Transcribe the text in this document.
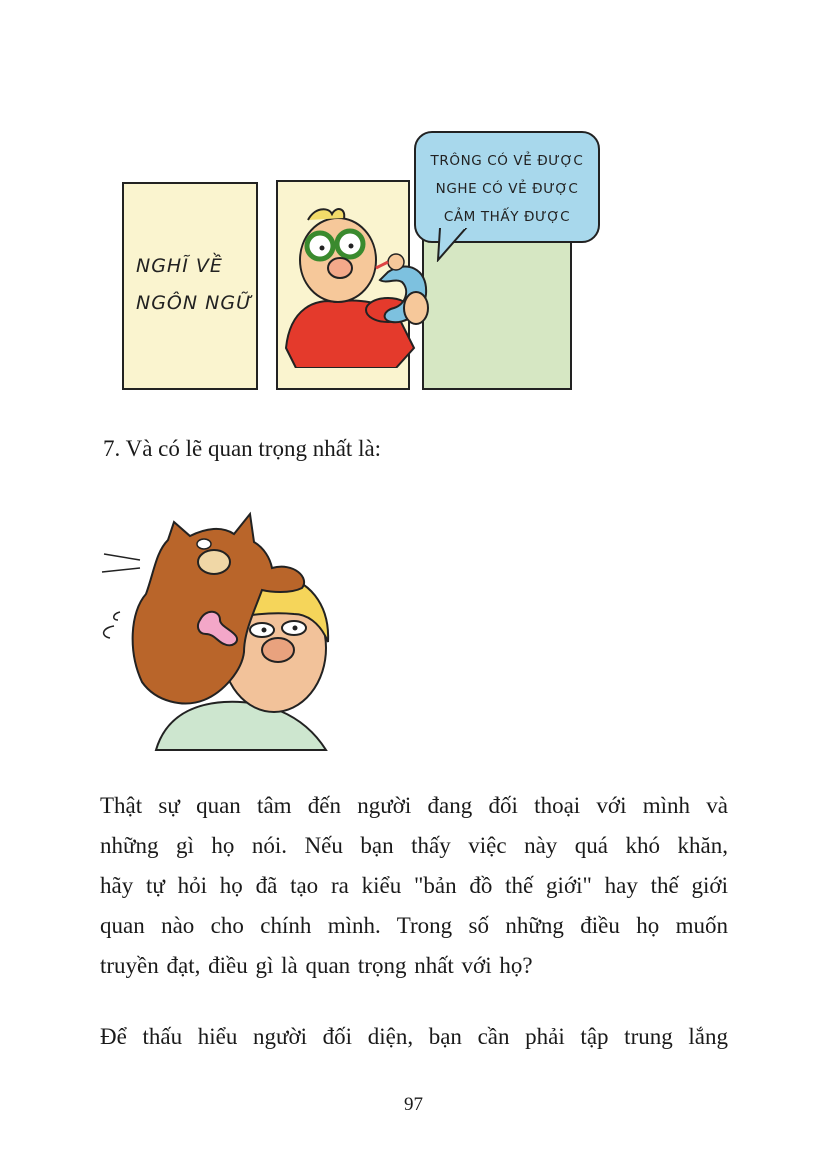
NGHĨ VỀ
NGÔN NGỮ
TRÔNG CÓ VẺ ĐƯỢC
NGHE CÓ VẺ ĐƯỢC
CẢM THẤY ĐƯỢC

7. Và có lẽ quan trọng nhất là:

Thật sự quan tâm đến người đang đối thoại với mình và
những gì họ nói. Nếu bạn thấy việc này quá khó khăn,
hãy tự hỏi họ đã tạo ra kiểu "bản đồ thế giới" hay thế giới
quan nào cho chính mình. Trong số những điều họ muốn
truyền đạt, điều gì là quan trọng nhất với họ?

Để thấu hiểu người đối diện, bạn cần phải tập trung lắng

97
